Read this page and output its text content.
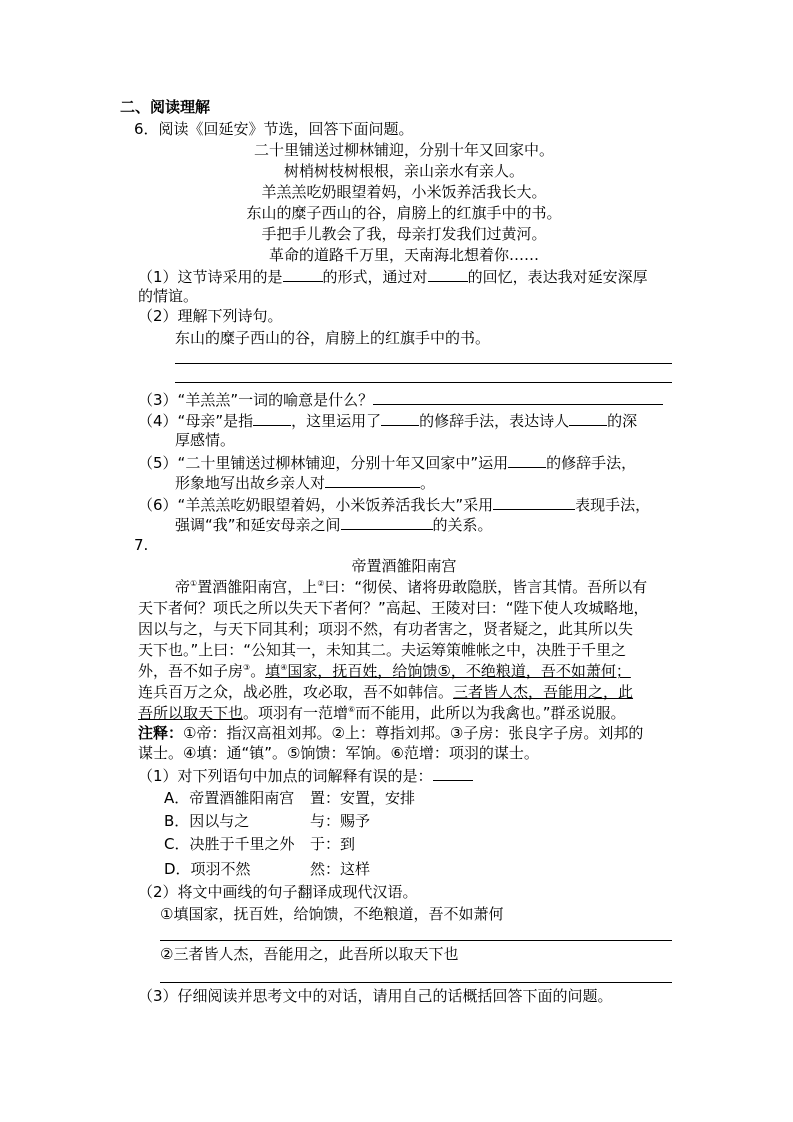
二、阅读理解
6．阅读《回延安》节选，回答下面问题。
二十里铺送过柳林铺迎，分别十年又回家中。
树梢树枝树根根，亲山亲水有亲人。
羊羔羔吃奶眼望着妈，小米饭养活我长大。
东山的糜子西山的谷，肩膀上的红旗手中的书。
手把手儿教会了我，母亲打发我们过黄河。
革命的道路千万里，天南海北想着你……
（1）这节诗采用的是	的形式，通过对	的回忆，表达我对延安深厚
的情谊。
（2）理解下列诗句。
东山的糜子西山的谷，肩膀上的红旗手中的书。
（3）“羊羔羔”一词的喻意是什么？
（4）“母亲”是指	，这里运用了	的修辞手法，表达诗人	的深
厚感情。
（5）“二十里铺送过柳林铺迎，分别十年又回家中”运用	的修辞手法，
形象地写出故乡亲人对	。
（6）“羊羔羔吃奶眼望着妈，小米饭养活我长大”采用	表现手法，
强调“我”和延安母亲之间	的关系。
7.
帝置酒雒阳南宫
帝①置酒雒阳南宫，上②曰：“彻侯、诸将毋敢隐朕，皆言其情。吾所以有
天下者何？项氏之所以失天下者何？”高起、王陵对曰：“陛下使人攻城略地，
因以与之，与天下同其利；项羽不然，有功者害之，贤者疑之，此其所以失
天下也。”上曰：“公知其一，未知其二。夫运筹策帷帐之中，决胜于千里之
外，吾不如子房③。填④国家，抚百姓，给饷馈⑤，不绝粮道，吾不如萧何；
连兵百万之众，战必胜，攻必取，吾不如韩信。三者皆人杰，吾能用之，此
吾所以取天下也。项羽有一范增⑥而不能用，此所以为我禽也。”群丞说服。
注释：①帝：指汉高祖刘邦。②上：尊指刘邦。③子房：张良字子房。刘邦的
谋士。④填：通“镇”。⑤饷馈：军饷。⑥范增：项羽的谋士。
（1）对下列语句中加点的词解释有误的是：
A．帝置酒雒阳南宫 置：安置，安排
B．因以与之	与：赐予
C．决胜于千里之外 于：到
D．项羽不然	然：这样
（2）将文中画线的句子翻译成现代汉语。
①填国家，抚百姓，给饷馈，不绝粮道，吾不如萧何
②三者皆人杰，吾能用之，此吾所以取天下也
（3）仔细阅读并思考文中的对话，请用自己的话概括回答下面的问题。
